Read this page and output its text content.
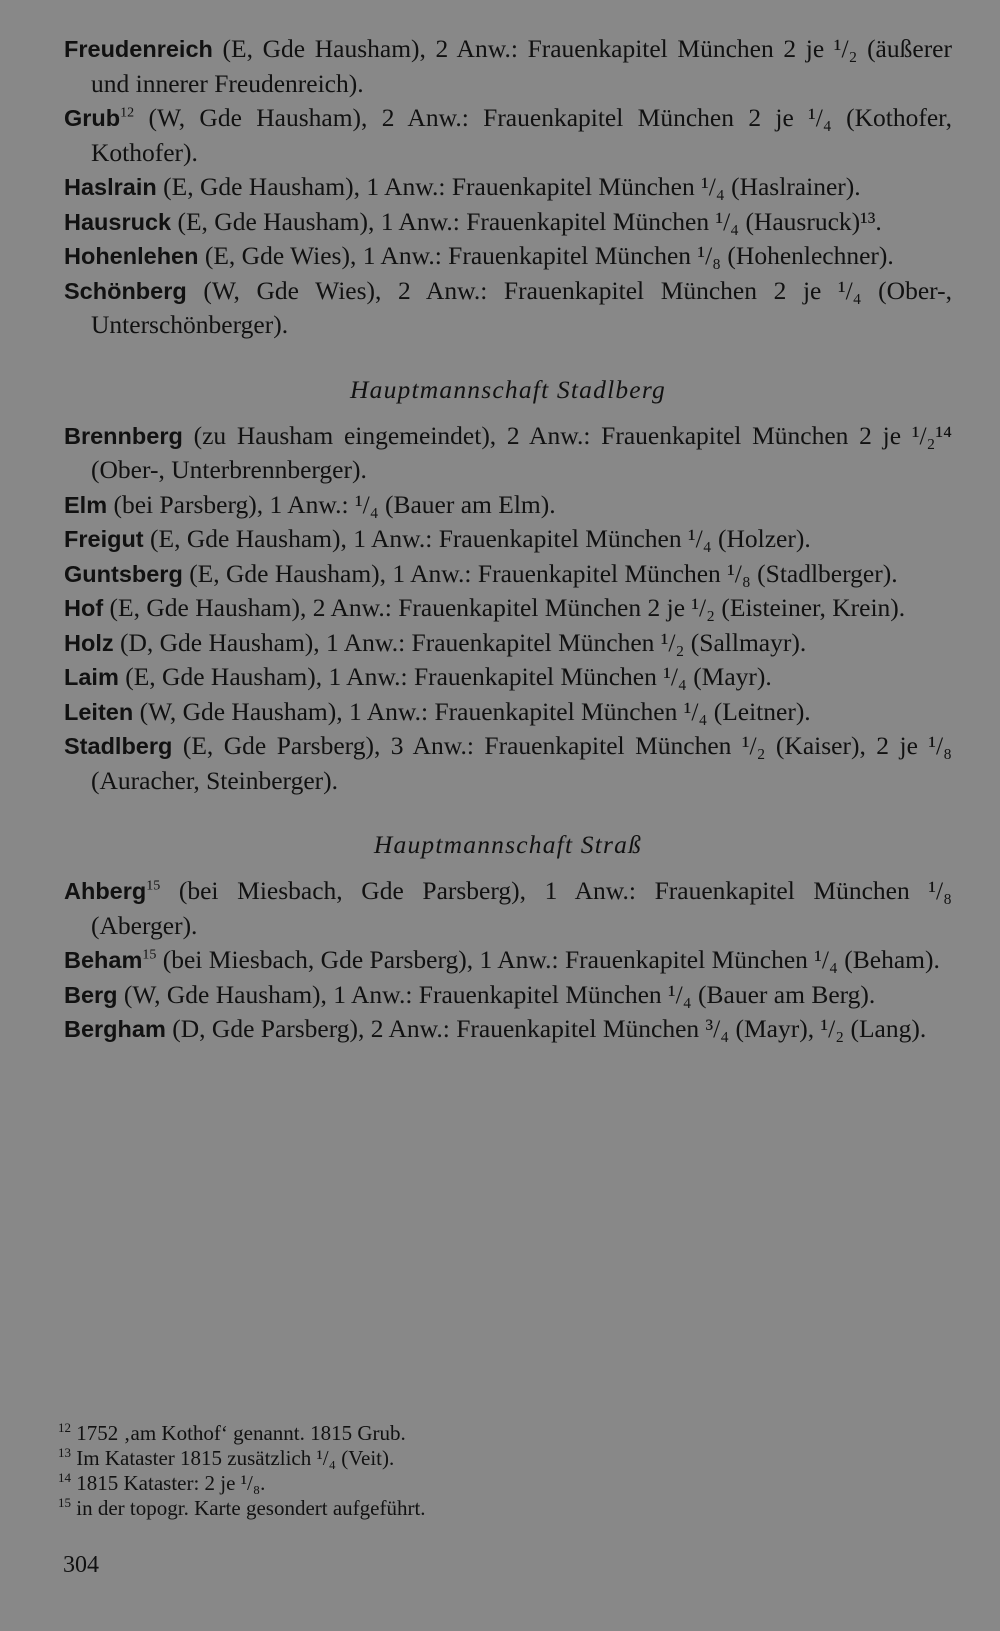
Freudenreich (E, Gde Hausham), 2 Anw.: Frauenkapitel München 2 je ¹/₂ (äußerer und innerer Freudenreich).

Grub$^{12}$ (W, Gde Hausham), 2 Anw.: Frauenkapitel München 2 je ¹/₄ (Kothofer, Kothofer).

Haslrain (E, Gde Hausham), 1 Anw.: Frauenkapitel München ¹/₄ (Haslrainer).

Hausruck (E, Gde Hausham), 1 Anw.: Frauenkapitel München ¹/₄ (Hausruck)¹³.

Hohenlehen (E, Gde Wies), 1 Anw.: Frauenkapitel München ¹/₈ (Hohenlechner).

Schönberg (W, Gde Wies), 2 Anw.: Frauenkapitel München 2 je ¹/₄ (Ober-, Unterschönberger).

Hauptmannschaft Stadlberg

Brennberg (zu Hausham eingemeindet), 2 Anw.: Frauenkapitel München 2 je ¹/₂¹⁴ (Ober-, Unterbrennberger).

Elm (bei Parsberg), 1 Anw.: ¹/₄ (Bauer am Elm).

Freigut (E, Gde Hausham), 1 Anw.: Frauenkapitel München ¹/₄ (Holzer).

Guntsberg (E, Gde Hausham), 1 Anw.: Frauenkapitel München ¹/₈ (Stadlberger).

Hof (E, Gde Hausham), 2 Anw.: Frauenkapitel München 2 je ¹/₂ (Eisteiner, Krein).

Holz (D, Gde Hausham), 1 Anw.: Frauenkapitel München ¹/₂ (Sallmayr).

Laim (E, Gde Hausham), 1 Anw.: Frauenkapitel München ¹/₄ (Mayr).

Leiten (W, Gde Hausham), 1 Anw.: Frauenkapitel München ¹/₄ (Leitner).

Stadlberg (E, Gde Parsberg), 3 Anw.: Frauenkapitel München ¹/₂ (Kaiser), 2 je ¹/₈ (Auracher, Steinberger).

Hauptmannschaft Straß

Ahberg$^{15}$ (bei Miesbach, Gde Parsberg), 1 Anw.: Frauenkapitel München ¹/₈ (Aberger).

Beham$^{15}$ (bei Miesbach, Gde Parsberg), 1 Anw.: Frauenkapitel München ¹/₄ (Beham).

Berg (W, Gde Hausham), 1 Anw.: Frauenkapitel München ¹/₄ (Bauer am Berg).

Bergham (D, Gde Parsberg), 2 Anw.: Frauenkapitel München ³/₄ (Mayr), ¹/₂ (Lang).

$^{12}$ 1752 ‚am Kothof‘ genannt. 1815 Grub.

$^{13}$ Im Kataster 1815 zusätzlich ¹/₄ (Veit).

$^{14}$ 1815 Kataster: 2 je ¹/₈.

$^{15}$ in der topogr. Karte gesondert aufgeführt.

304
